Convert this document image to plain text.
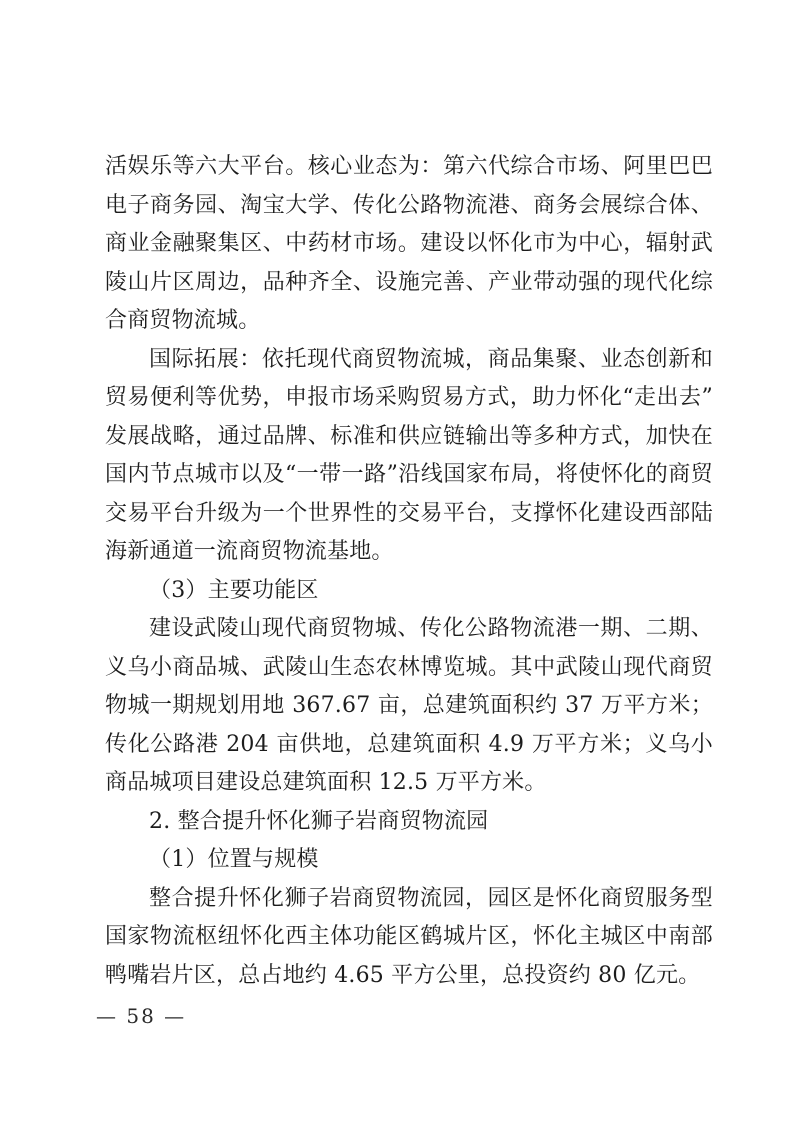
活娱乐等六大平台。核心业态为：第六代综合市场、阿里巴巴电子商务园、淘宝大学、传化公路物流港、商务会展综合体、商业金融聚集区、中药材市场。建设以怀化市为中心，辐射武陵山片区周边，品种齐全、设施完善、产业带动强的现代化综合商贸物流城。

国际拓展：依托现代商贸物流城，商品集聚、业态创新和贸易便利等优势，申报市场采购贸易方式，助力怀化“走出去”发展战略，通过品牌、标准和供应链输出等多种方式，加快在国内节点城市以及“一带一路”沿线国家布局，将使怀化的商贸交易平台升级为一个世界性的交易平台，支撑怀化建设西部陆海新通道一流商贸物流基地。

（3）主要功能区

建设武陵山现代商贸物城、传化公路物流港一期、二期、义乌小商品城、武陵山生态农林博览城。其中武陵山现代商贸物城一期规划用地 367.67 亩，总建筑面积约 37 万平方米；传化公路港 204 亩供地，总建筑面积 4.9 万平方米；义乌小商品城项目建设总建筑面积 12.5 万平方米。

2. 整合提升怀化狮子岩商贸物流园

（1）位置与规模

整合提升怀化狮子岩商贸物流园，园区是怀化商贸服务型国家物流枢纽怀化西主体功能区鹤城片区，怀化主城区中南部鸭嘴岩片区，总占地约 4.65 平方公里，总投资约 80 亿元。

— 58 —
